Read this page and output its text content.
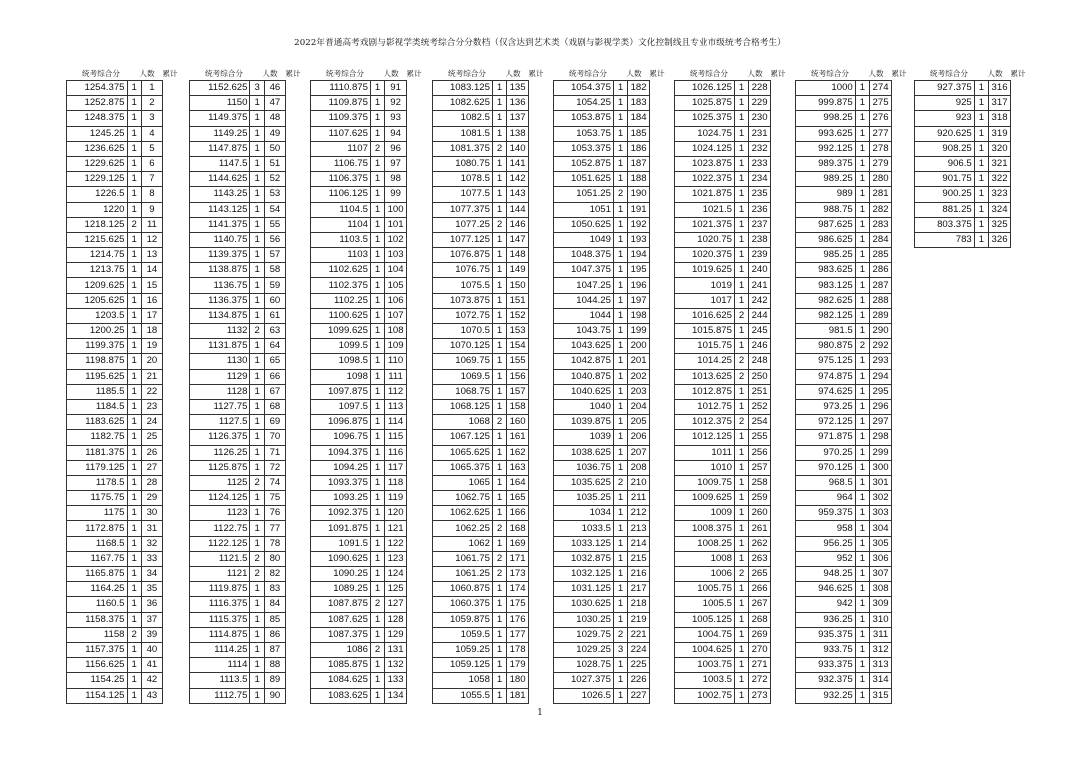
2022年普通高考戏剧与影视学类统考综合分分数档（仅含达到艺术类（戏剧与影视学类）文化控制线且专业市级统考合格考生）
统考综合分	人数	累计
1254.375	1	1
1252.875	1	2
1248.375	1	3
1245.25	1	4
1236.625	1	5
1229.625	1	6
1229.125	1	7
1226.5	1	8
1220	1	9
1218.125	2	11
1215.625	1	12
1214.75	1	13
1213.75	1	14
1209.625	1	15
1205.625	1	16
1203.5	1	17
1200.25	1	18
1199.375	1	19
1198.875	1	20
1195.625	1	21
1185.5	1	22
1184.5	1	23
1183.625	1	24
1182.75	1	25
1181.375	1	26
1179.125	1	27
1178.5	1	28
1175.75	1	29
1175	1	30
1172.875	1	31
1168.5	1	32
1167.75	1	33
1165.875	1	34
1164.25	1	35
1160.5	1	36
1158.375	1	37
1158	2	39
1157.375	1	40
1156.625	1	41
1154.25	1	42
1154.125	1	43
统考综合分	人数	累计
1152.625	3	46
1150	1	47
1149.375	1	48
1149.25	1	49
1147.875	1	50
1147.5	1	51
1144.625	1	52
1143.25	1	53
1143.125	1	54
1141.375	1	55
1140.75	1	56
1139.375	1	57
1138.875	1	58
1136.75	1	59
1136.375	1	60
1134.875	1	61
1132	2	63
1131.875	1	64
1130	1	65
1129	1	66
1128	1	67
1127.75	1	68
1127.5	1	69
1126.375	1	70
1126.25	1	71
1125.875	1	72
1125	2	74
1124.125	1	75
1123	1	76
1122.75	1	77
1122.125	1	78
1121.5	2	80
1121	2	82
1119.875	1	83
1116.375	1	84
1115.375	1	85
1114.875	1	86
1114.25	1	87
1114	1	88
1113.5	1	89
1112.75	1	90
统考综合分	人数	累计
1110.875	1	91
1109.875	1	92
1109.375	1	93
1107.625	1	94
1107	2	96
1106.75	1	97
1106.375	1	98
1106.125	1	99
1104.5	1	100
1104	1	101
1103.5	1	102
1103	1	103
1102.625	1	104
1102.375	1	105
1102.25	1	106
1100.625	1	107
1099.625	1	108
1099.5	1	109
1098.5	1	110
1098	1	111
1097.875	1	112
1097.5	1	113
1096.875	1	114
1096.75	1	115
1094.375	1	116
1094.25	1	117
1093.375	1	118
1093.25	1	119
1092.375	1	120
1091.875	1	121
1091.5	1	122
1090.625	1	123
1090.25	1	124
1089.25	1	125
1087.875	2	127
1087.625	1	128
1087.375	1	129
1086	2	131
1085.875	1	132
1084.625	1	133
1083.625	1	134
统考综合分	人数	累计
1083.125	1	135
1082.625	1	136
1082.5	1	137
1081.5	1	138
1081.375	2	140
1080.75	1	141
1078.5	1	142
1077.5	1	143
1077.375	1	144
1077.25	2	146
1077.125	1	147
1076.875	1	148
1076.75	1	149
1075.5	1	150
1073.875	1	151
1072.75	1	152
1070.5	1	153
1070.125	1	154
1069.75	1	155
1069.5	1	156
1068.75	1	157
1068.125	1	158
1068	2	160
1067.125	1	161
1065.625	1	162
1065.375	1	163
1065	1	164
1062.75	1	165
1062.625	1	166
1062.25	2	168
1062	1	169
1061.75	2	171
1061.25	2	173
1060.875	1	174
1060.375	1	175
1059.875	1	176
1059.5	1	177
1059.25	1	178
1059.125	1	179
1058	1	180
1055.5	1	181
统考综合分	人数	累计
1054.375	1	182
1054.25	1	183
1053.875	1	184
1053.75	1	185
1053.375	1	186
1052.875	1	187
1051.625	1	188
1051.25	2	190
1051	1	191
1050.625	1	192
1049	1	193
1048.375	1	194
1047.375	1	195
1047.25	1	196
1044.25	1	197
1044	1	198
1043.75	1	199
1043.625	1	200
1042.875	1	201
1040.875	1	202
1040.625	1	203
1040	1	204
1039.875	1	205
1039	1	206
1038.625	1	207
1036.75	1	208
1035.625	2	210
1035.25	1	211
1034	1	212
1033.5	1	213
1033.125	1	214
1032.875	1	215
1032.125	1	216
1031.125	1	217
1030.625	1	218
1030.25	1	219
1029.75	2	221
1029.25	3	224
1028.75	1	225
1027.375	1	226
1026.5	1	227
统考综合分	人数	累计
1026.125	1	228
1025.875	1	229
1025.375	1	230
1024.75	1	231
1024.125	1	232
1023.875	1	233
1022.375	1	234
1021.875	1	235
1021.5	1	236
1021.375	1	237
1020.75	1	238
1020.375	1	239
1019.625	1	240
1019	1	241
1017	1	242
1016.625	2	244
1015.875	1	245
1015.75	1	246
1014.25	2	248
1013.625	2	250
1012.875	1	251
1012.75	1	252
1012.375	2	254
1012.125	1	255
1011	1	256
1010	1	257
1009.75	1	258
1009.625	1	259
1009	1	260
1008.375	1	261
1008.25	1	262
1008	1	263
1006	2	265
1005.75	1	266
1005.5	1	267
1005.125	1	268
1004.75	1	269
1004.625	1	270
1003.75	1	271
1003.5	1	272
1002.75	1	273
统考综合分	人数	累计
1000	1	274
999.875	1	275
998.25	1	276
993.625	1	277
992.125	1	278
989.375	1	279
989.25	1	280
989	1	281
988.75	1	282
987.625	1	283
986.625	1	284
985.25	1	285
983.625	1	286
983.125	1	287
982.625	1	288
982.125	1	289
981.5	1	290
980.875	2	292
975.125	1	293
974.875	1	294
974.625	1	295
973.25	1	296
972.125	1	297
971.875	1	298
970.25	1	299
970.125	1	300
968.5	1	301
964	1	302
959.375	1	303
958	1	304
956.25	1	305
952	1	306
948.25	1	307
946.625	1	308
942	1	309
936.25	1	310
935.375	1	311
933.75	1	312
933.375	1	313
932.375	1	314
932.25	1	315
统考综合分	人数	累计
927.375	1	316
925	1	317
923	1	318
920.625	1	319
908.25	1	320
906.5	1	321
901.75	1	322
900.25	1	323
881.25	1	324
803.375	1	325
783	1	326
1
